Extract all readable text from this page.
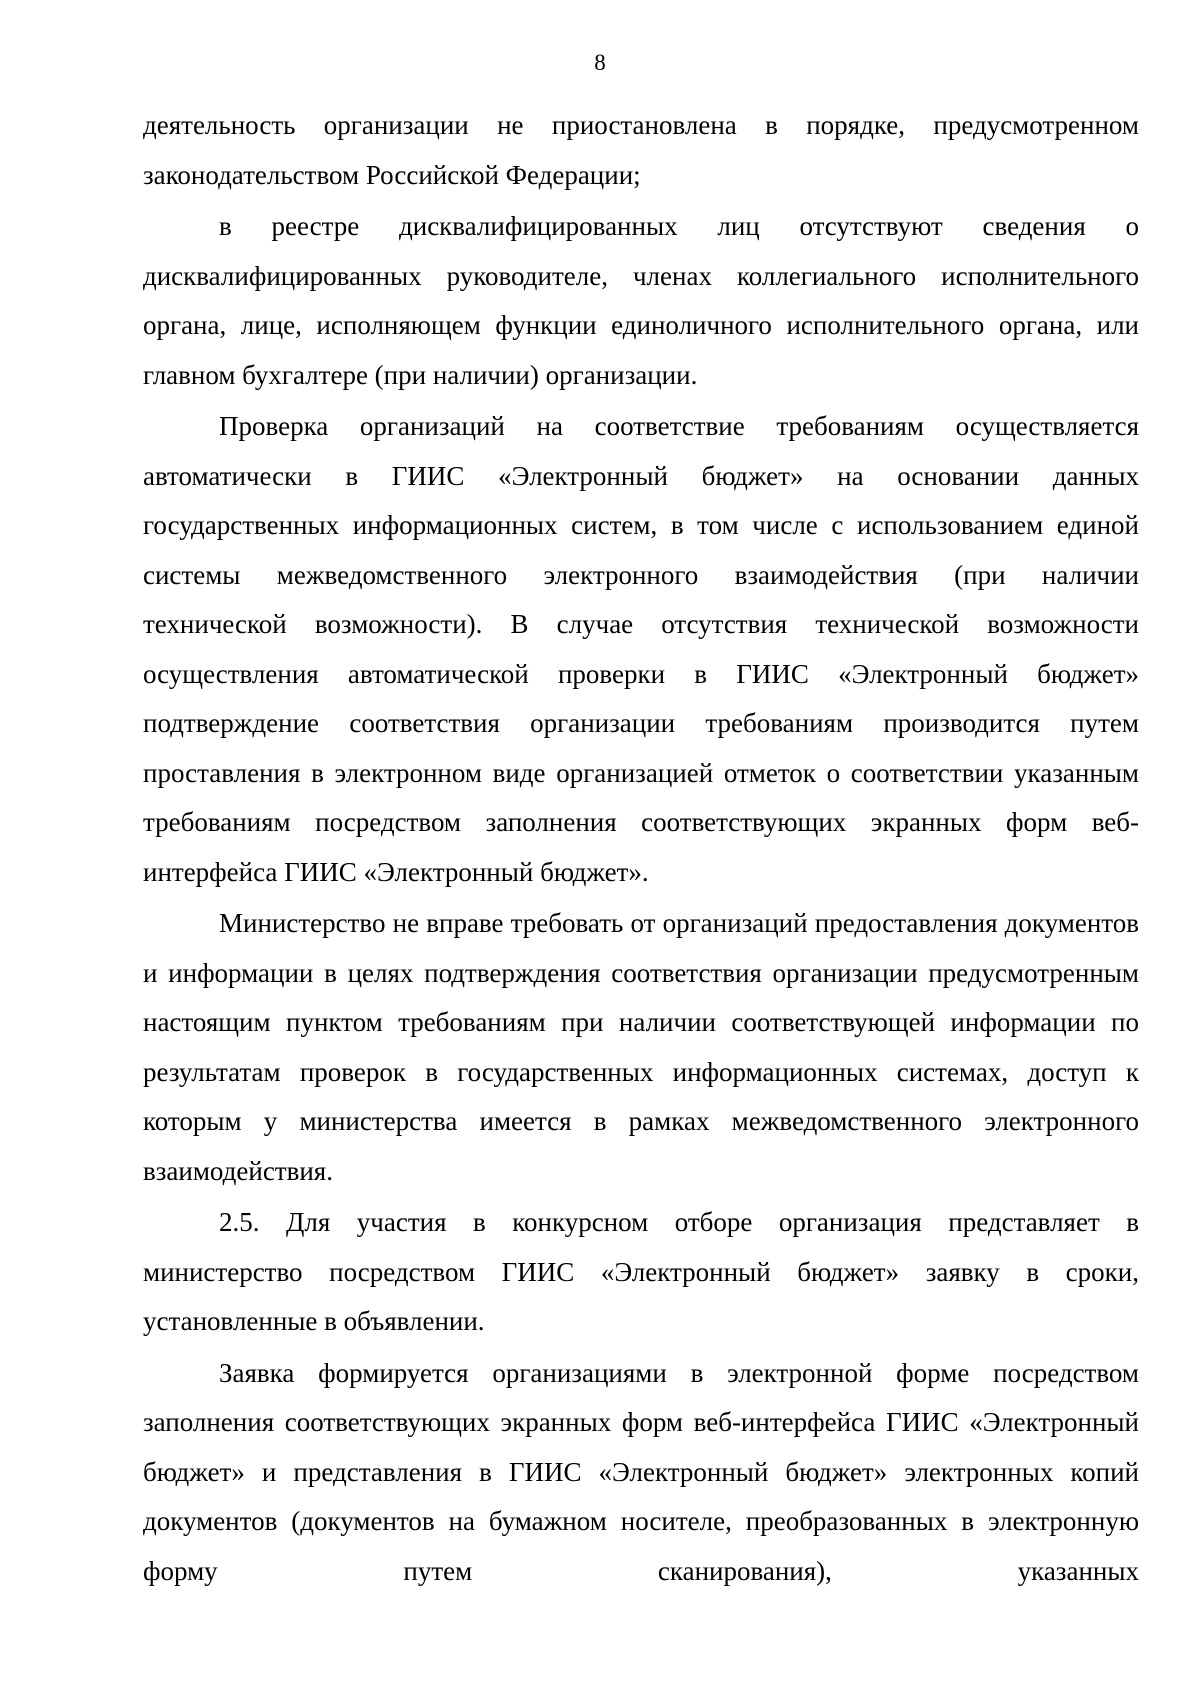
8

деятельность организации не приостановлена в порядке, предусмотренном законодательством Российской Федерации;

в реестре дисквалифицированных лиц отсутствуют сведения о дисквалифицированных руководителе, членах коллегиального исполнительного органа, лице, исполняющем функции единоличного исполнительного органа, или главном бухгалтере (при наличии) организации.

Проверка организаций на соответствие требованиям осуществляется автоматически в ГИИС «Электронный бюджет» на основании данных государственных информационных систем, в том числе с использованием единой системы межведомственного электронного взаимодействия (при наличии технической возможности). В случае отсутствия технической возможности осуществления автоматической проверки в ГИИС «Электронный бюджет» подтверждение соответствия организации требованиям производится путем проставления в электронном виде организацией отметок о соответствии указанным требованиям посредством заполнения соответствующих экранных форм веб-интерфейса ГИИС «Электронный бюджет».

Министерство не вправе требовать от организаций предоставления документов и информации в целях подтверждения соответствия организации предусмотренным настоящим пунктом требованиям при наличии соответствующей информации по результатам проверок в государственных информационных системах, доступ к которым у министерства имеется в рамках межведомственного электронного взаимодействия.

2.5. Для участия в конкурсном отборе организация представляет в министерство посредством ГИИС «Электронный бюджет» заявку в сроки, установленные в объявлении.

Заявка формируется организациями в электронной форме посредством заполнения соответствующих экранных форм веб-интерфейса ГИИС «Электронный бюджет» и представления в ГИИС «Электронный бюджет» электронных копий документов (документов на бумажном носителе, преобразованных в электронную форму путем сканирования), указанных
